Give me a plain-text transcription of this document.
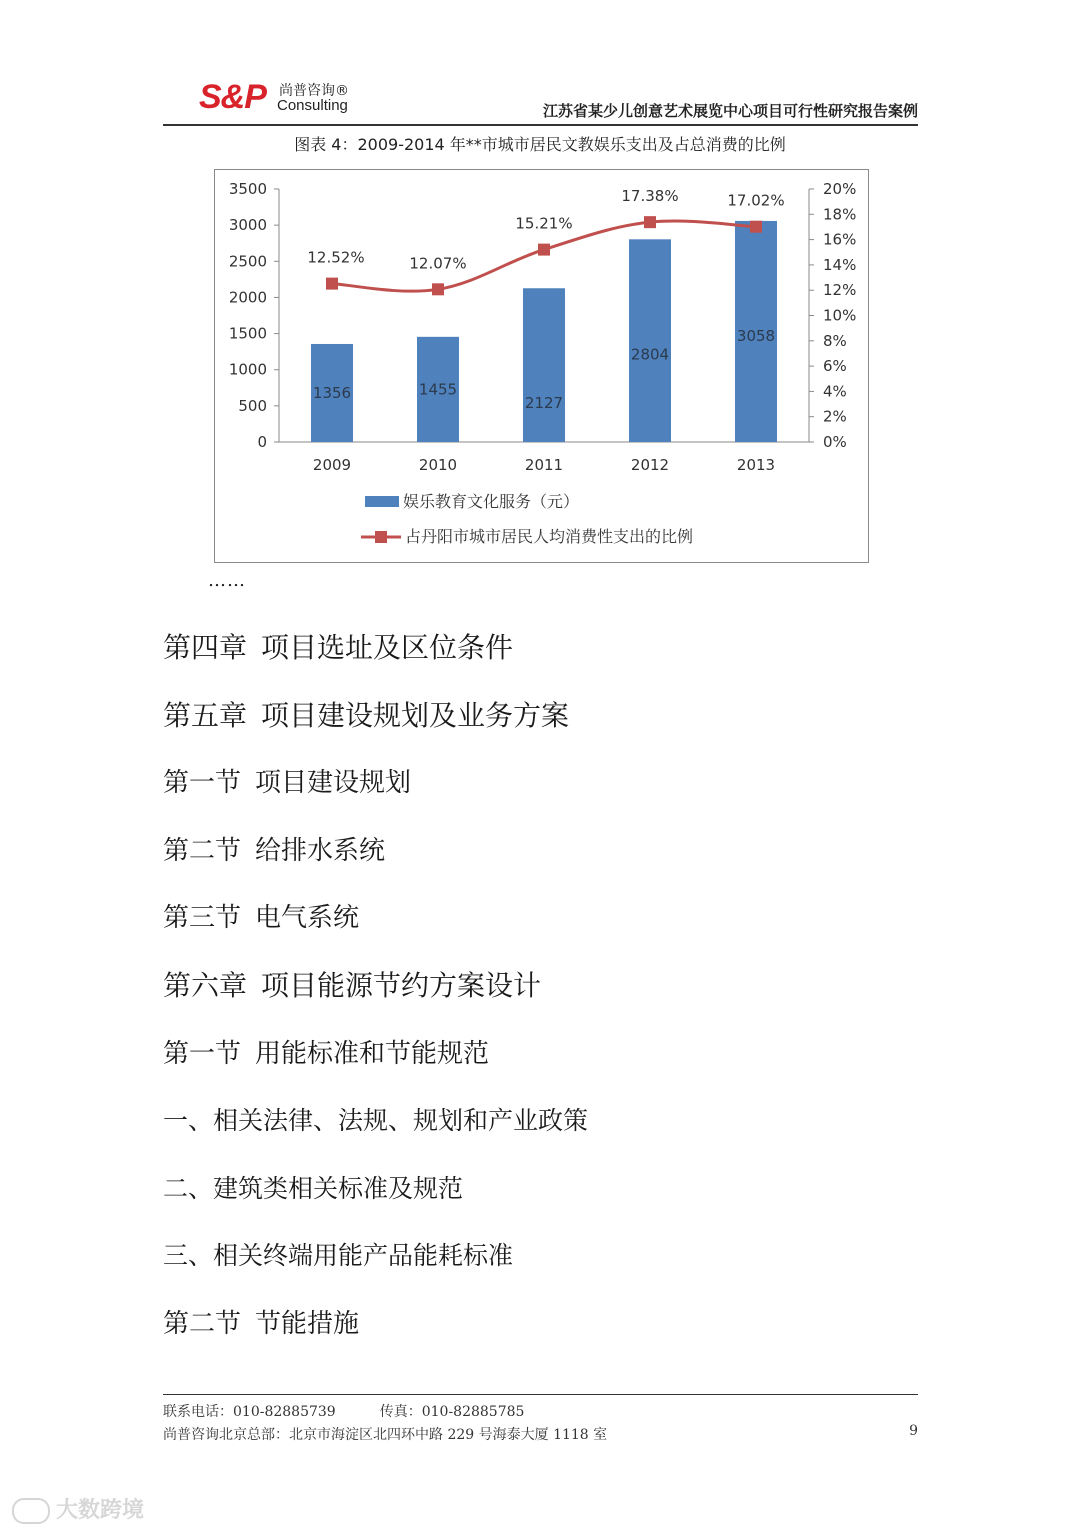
S&P 尚普咨询®
Consulting	江苏省某少儿创意艺术展览中心项目可行性研究报告案例
图表 4：2009-2014 年**市城市居民文教娱乐支出及占总消费的比例
0
500
1000
1500
2000
2500
3000
3500
0%
2%
4%
6%
8%
10%
12%
14%
16%
18%
20%
2009	2010	2011	2012	2013
1356	1455
2127
2804
3058
12.52%	12.07%
15.21%
17.38%	17.02%
娱乐教育文化服务（元）
占丹阳市城市居民人均消费性支出的比例
……
第四章 项目选址及区位条件
第五章 项目建设规划及业务方案
第一节 项目建设规划
第二节 给排水系统
第三节 电气系统
第六章 项目能源节约方案设计
第一节 用能标准和节能规范
一、相关法律、法规、规划和产业政策
二、建筑类相关标准及规范
三、相关终端用能产品能耗标准
第二节 节能措施
联系电话：010-82885739	传真：010-82885785
尚普咨询北京总部：北京市海淀区北四环中路 229 号海泰大厦 1118 室	9
大数跨境
